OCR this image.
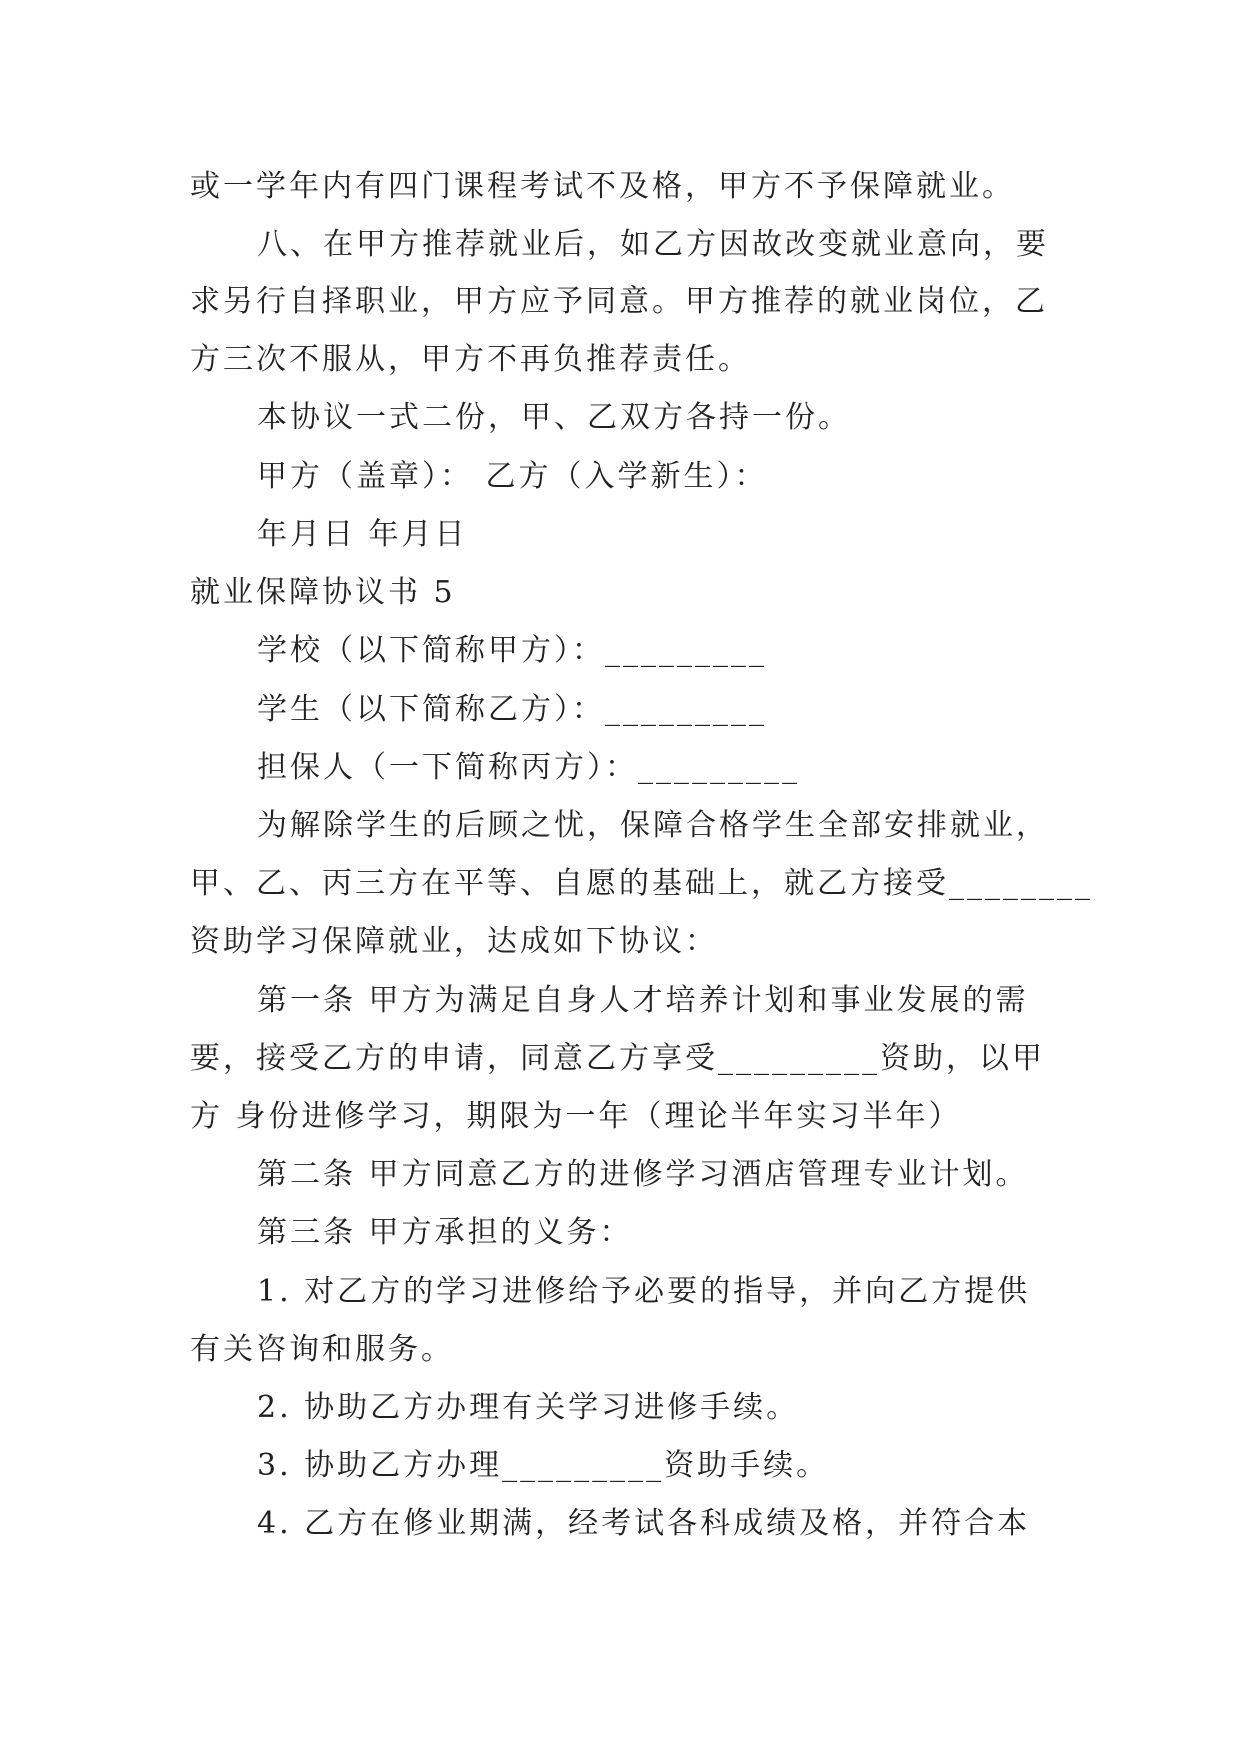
或一学年内有四门课程考试不及格，甲方不予保障就业。
八、在甲方推荐就业后，如乙方因故改变就业意向，要
求另行自择职业，甲方应予同意。甲方推荐的就业岗位，乙
方三次不服从，甲方不再负推荐责任。
本协议一式二份，甲、乙双方各持一份。
甲方（盖章）： 乙方（入学新生）：
年月日 年月日
就业保障协议书 5
学校（以下简称甲方）：_________
学生（以下简称乙方）：_________
担保人（一下简称丙方）：_________
为解除学生的后顾之忧，保障合格学生全部安排就业，
甲、乙、丙三方在平等、自愿的基础上，就乙方接受________
资助学习保障就业，达成如下协议：
第一条 甲方为满足自身人才培养计划和事业发展的需
要，接受乙方的申请，同意乙方享受_________资助，以甲
方 身份进修学习，期限为一年（理论半年实习半年）
第二条 甲方同意乙方的进修学习酒店管理专业计划。
第三条 甲方承担的义务：
1. 对乙方的学习进修给予必要的指导，并向乙方提供
有关咨询和服务。
2. 协助乙方办理有关学习进修手续。
3. 协助乙方办理_________资助手续。
4. 乙方在修业期满，经考试各科成绩及格，并符合本
